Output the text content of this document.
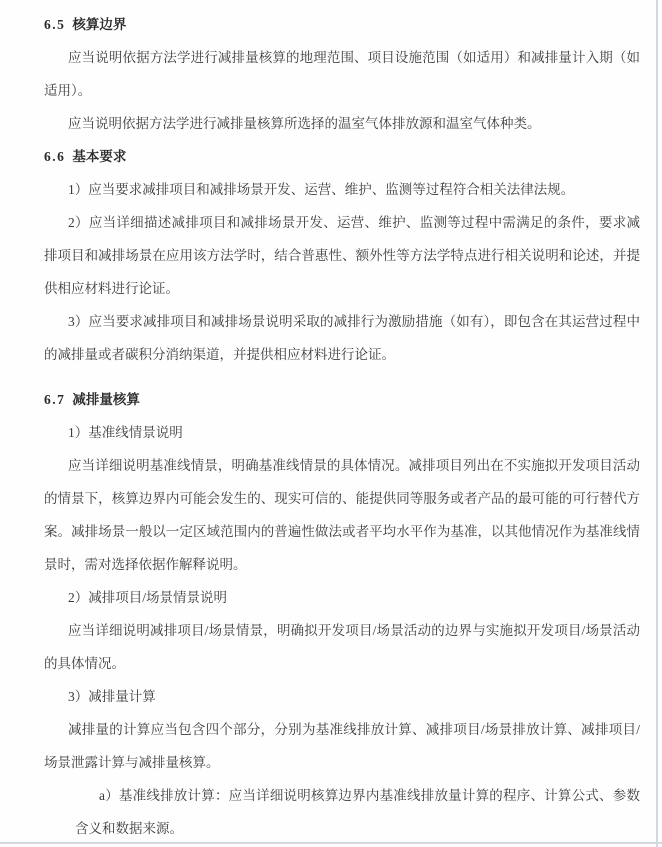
6.5 核算边界

应当说明依据方法学进行减排量核算的地理范围、项目设施范围（如适用）和减排量计入期（如适用）。

应当说明依据方法学进行减排量核算所选择的温室气体排放源和温室气体种类。

6.6 基本要求

1）应当要求减排项目和减排场景开发、运营、维护、监测等过程符合相关法律法规。

2）应当详细描述减排项目和减排场景开发、运营、维护、监测等过程中需满足的条件，要求减排项目和减排场景在应用该方法学时，结合普惠性、额外性等方法学特点进行相关说明和论述，并提供相应材料进行论证。

3）应当要求减排项目和减排场景说明采取的减排行为激励措施（如有），即包含在其运营过程中的减排量或者碳积分消纳渠道，并提供相应材料进行论证。

6.7 减排量核算

1）基准线情景说明

应当详细说明基准线情景，明确基准线情景的具体情况。减排项目列出在不实施拟开发项目活动的情景下，核算边界内可能会发生的、现实可信的、能提供同等服务或者产品的最可能的可行替代方案。减排场景一般以一定区域范围内的普遍性做法或者平均水平作为基准，以其他情况作为基准线情景时，需对选择依据作解释说明。

2）减排项目/场景情景说明

应当详细说明减排项目/场景情景，明确拟开发项目/场景活动的边界与实施拟开发项目/场景活动的具体情况。

3）减排量计算

减排量的计算应当包含四个部分，分别为基准线排放计算、减排项目/场景排放计算、减排项目/场景泄露计算与减排量核算。

a）基准线排放计算：应当详细说明核算边界内基准线排放量计算的程序、计算公式、参数含义和数据来源。
